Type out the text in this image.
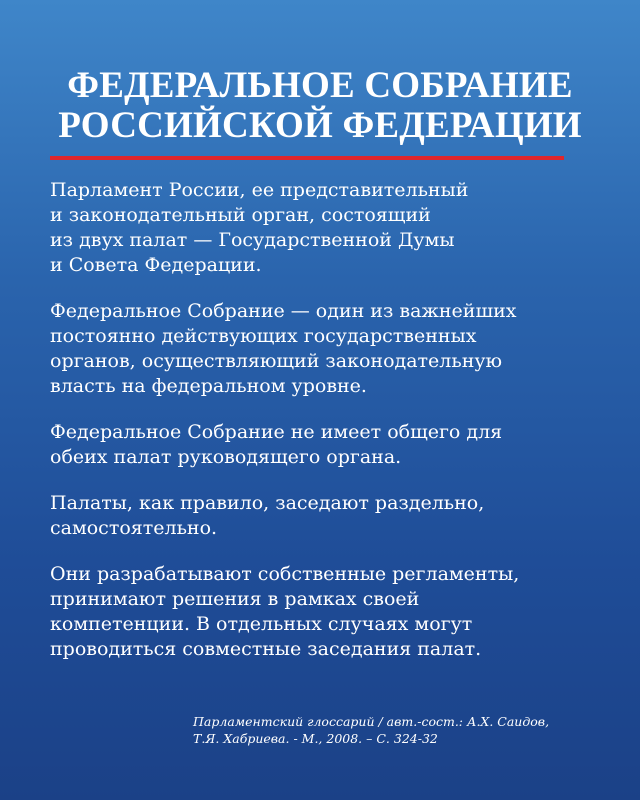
ФЕДЕРАЛЬНОЕ СОБРАНИЕ
РОССИЙСКОЙ ФЕДЕРАЦИИ

Парламент России, ее представительный
и законодательный орган, состоящий
из двух палат — Государственной Думы
и Совета Федерации.

Федеральное Собрание — один из важнейших
постоянно действующих государственных
органов, осуществляющий законодательную
власть на федеральном уровне.

Федеральное Собрание не имеет общего для
обеих палат руководящего органа.

Палаты, как правило, заседают раздельно,
самостоятельно.

Они разрабатывают собственные регламенты,
принимают решения в рамках своей
компетенции. В отдельных случаях могут
проводиться совместные заседания палат.

Парламентский глоссарий / авт.-сост.: А.Х. Саидов,
Т.Я. Хабриева. - М., 2008. – С. 324-32
